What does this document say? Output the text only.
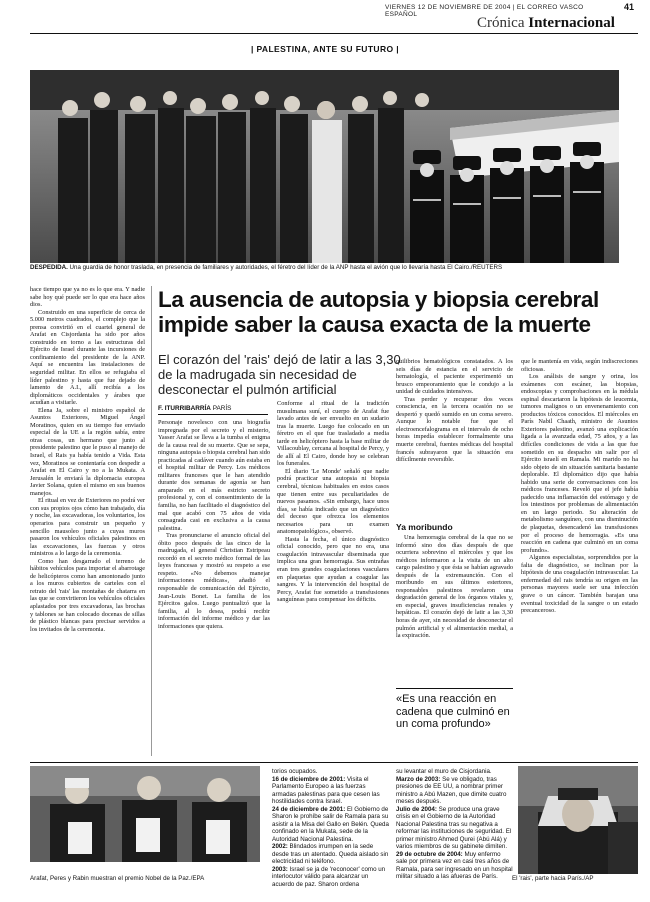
VIERNES 12 DE NOVIEMBRE DE 2004 | EL CORREO VASCO ESPAÑOL
41
Crónica Internacional
| PALESTINA, ANTE SU FUTURO |
DESPEDIDA. Una guardia de honor traslada, en presencia de familiares y autoridades, el féretro del líder de la ANP hasta el avión que lo llevaría hasta El Cairo./REUTERS

hace tiempo que ya no es lo que era. Y nadie sabe hoy qué puede ser lo que era hace años dios.

Construido en una superficie de cerca de 5.000 metros cuadrados, el complejo que la prensa convirtió en el cuartel general de Arafat en Cisjordania ha sido por años construido en torno a las estructuras del Ejército de Israel durante las incursiones de confinamiento del presidente de la ANP. Aquí se encuentra las instalaciones de seguridad militar. En ellos se refugiaba el líder palestino y hasta que fue dejado de lamento de A.I., allí recibía a los diplomáticos occidentales y árabes que acudían a visitarle.

Elena Ja, sobre el ministro español de Asuntos Exteriores, Miguel Ángel Moratinos, quien en su tiempo fue enviado especial de la UE a la región sabía, entre otras cosas, un hermano que junto al presidente palestino que le puso al manejo de Israel, el Rais ya había tenido a Vida. Esta vez, Moratinos se contentaría con despedir a Arafat en El Cairo y no a la Mukata. A Jerusalén le enviará la diplomacia europea Javier Solana, quien el mismo en sus buenos manejos.

El ritual en vez de Exteriores no podrá ver con sus propios ojos cómo han trabajado, día y noche, las excavadoras, los voluntarios, los operarios para construir un pequeño y sencillo mausoleo junto a cuyas muros pasaron los vehículos oficiales palestinos en las excavaciones, las fuerzas y otros ministros a lo largo de la ceremonia.

Como han desgarrado el terreno de hábitos vehículos para importar el abarrotage de helicópteros como han amontonado junto a los muros cubiertos de carteles con el retrato del 'rais' las montañas de chatarra en las que se convirtieron los vehículos oficiales aplastados por tres excavadoras, las brochas y tablones se han colocado docenas de sillas de plástico blancas para precisar servidos a los invitados de la ceremonia.

La ausencia de autopsia y biopsia cerebral impide saber la causa exacta de la muerte
El corazón del 'rais' dejó de latir a las 3,30 de la madrugada sin necesidad de desconectar el pulmón artificial
F. ITURRIBARRÍA PARÍS

Personaje novelesco con una biografía impregnada por el secreto y el misterio, Yasser Arafat se lleva a la tumba el enigma de la causa real de su muerte. Que se sepa, ninguna autopsia o biopsia cerebral han sido practicadas al cadáver cuando aún estaba en el hospital militar de Percy. Los médicos militares franceses que le han atendido durante dos semanas de agonía se han amparado en el más estricto secreto profesional y, con el consentimiento de la familia, no han facilitado el diagnóstico del mal que acabó con 75 años de vida consagrada casi en exclusiva a la causa palestina.

Tras pronunciarse el anuncio oficial del óbito poco después de las cinco de la madrugada, el general Christian Estripeau recordó en el secreto médico formal de las leyes francesas y mostró su respeto a ese respeto. «No debemos manejar informaciones médicas», añadió el responsable de comunicación del Ejército, Jean-Louis Bonet. La familia de los Ejércitos galos. Luego puntualizó que la familia, al lo desea, podrá recibir información del informe médico y dar las informaciones que quiera.

Conforme al ritual de la tradición musulmana suní, el cuerpo de Arafat fue lavado antes de ser envuelto en un sudario tras la muerte. Luego fue colocado en un féretro en el que fue trasladado a media tarde en helicóptero hasta la base militar de Villacoublay, cercana al hospital de Percy, y de allí al El Cairo, donde hoy se celebran los funerales.

El diario 'Le Monde' señaló que nadie podrá practicar una autopsia ni biopsia cerebral, técnicas habituales en estos casos que tienen entre sus peculiaridades de nuevos pasamos. «Sin embargo, hace unos días, se había indicado que un diagnóstico del deceso que ofrezca los elementos necesarios para un examen anatomopatológico», observó.

Hasta la fecha, el único diagnóstico oficial conocido, pero que no era, una coagulación intravascular diseminada que implica una gran hemorragia. Sus entrañas eran tres grandes coagulaciones vasculares en plaquetas que ayudan a coagular las sangres. Y la intervención del hospital de Percy, Arafat fue sometido a transfusiones sanguíneas para compensar los déficits.

quilibrios hematológicos constatados. A los seis días de estancia en el servicio de hematología, el paciente experimentó un brusco empeoramiento que le condujo a la unidad de cuidados intensivos.

Tras perder y recuperar dos veces consciencia, en la tercera ocasión no se despertó y quedó sumido en un coma severo. Aunque lo notable fue que el electroencefalograma en el intervalo de ocho horas impedía establecer formalmente una muerte cerebral, fuentes médicas del hospital francés subrayaron que la situación era difícilmente reversible.

Ya moribundo

Una hemorragia cerebral de la que no se informó sino dos días después de que ocurriera sobrevino el miércoles y que los médicos informaron a la visita de un alto cargo palestino y que ésta se habían agravado después de la extremaunción. Con el moribundo en sus últimos estertores, responsables palestinos revelaron una degradación general de los órganos vitales y, en especial, graves insuficiencias renales y hepáticas. El corazón dejó de latir a las 3,30 horas de ayer, sin necesidad de desconectar el pulmón artificial y el alimentación medial, a la expiración.

«Es una reacción en cadena que culminó en un coma profundo»

que le mantenía en vida, según indiscreciones oficiosas.

Los análisis de sangre y orina, los exámenes con escáner, las biopsias, endoscopias y comprobaciones en la médula espinal descartaron la hipótesis de leucemia, tumores malignos o un envenenamiento con productos tóxicos conocidos. El miércoles en París Nabil Chaath, ministro de Asuntos Exteriores palestino, avanzó una explicación ligada a la avanzada edad, 75 años, y a las difíciles condiciones de vida a las que fue sometido en su despacho sin salir por el Ejército israelí en Ramala. Mi marido no ha sido objeto de sin situación sanitaria bastante deplorable. El diplomático dijo que había habido una serie de conversaciones con los médicos franceses. Reveló que el jefe había padecido una inflamación del estómago y de los intestinos por problemas de alimentación en un largo periodo. Su alteración de metabolismo sanguíneo, con una disminución de plaquetas, desencadenó las transfusiones por el proceso de hemorragia. «Es una reacción en cadena que culminó en un coma profundo».

Algunos especialistas, sorprendidos por la falta de diagnóstico, se inclinan por la hipótesis de una coagulación intravascular. La enfermedad del rais tendría su origen en las personas mayores suele ser una infección grave o un cáncer. También barajan una eventual toxicidad de la sangre o un estado precanceroso.

Arafat, Peres y Rabin muestran el premio Nobel de la Paz./EPA

torios ocupados.

16 de diciembre de 2001: Visita el Parlamento Europeo a las fuerzas armadas palestinas para que cesen las hostilidades contra Israel.

24 de diciembre de 2001: El Gobierno de Sharon le prohíbe salir de Ramala para su asistir a la Misa del Gallo en Belén. Queda confinado en la Mukata, sede de la Autoridad Nacional Palestina.

2002: Blindados irrumpen en la sede desde tras un atentado. Queda aislado sin electricidad ni teléfono.

2003: Israel se ja de 'reconocer' como un interlocutor válido para alcanzar un acuerdo de paz. Sharon ordena

su levantar el muro de Cisjordania.

Marzo de 2003: Se ve obligado, tras presiones de EE UU, a nombrar primer ministro a Abú Mazen, que dimite cuatro meses después.

Julio de 2004: Se produce una grave crisis en el Gobierno de la Autoridad Nacional Palestina tras su negativa a reformar las instituciones de seguridad. El primer ministro Ahmed Qurei (Abú Alá) y varios miembros de su gabinete dimiten.

29 de octubre de 2004: Muy enfermo sale por primera vez en casi tres años de Ramala, para ser ingresado en un hospital militar situado a las afueras de París.	El 'rais', parte hacia París./AP
